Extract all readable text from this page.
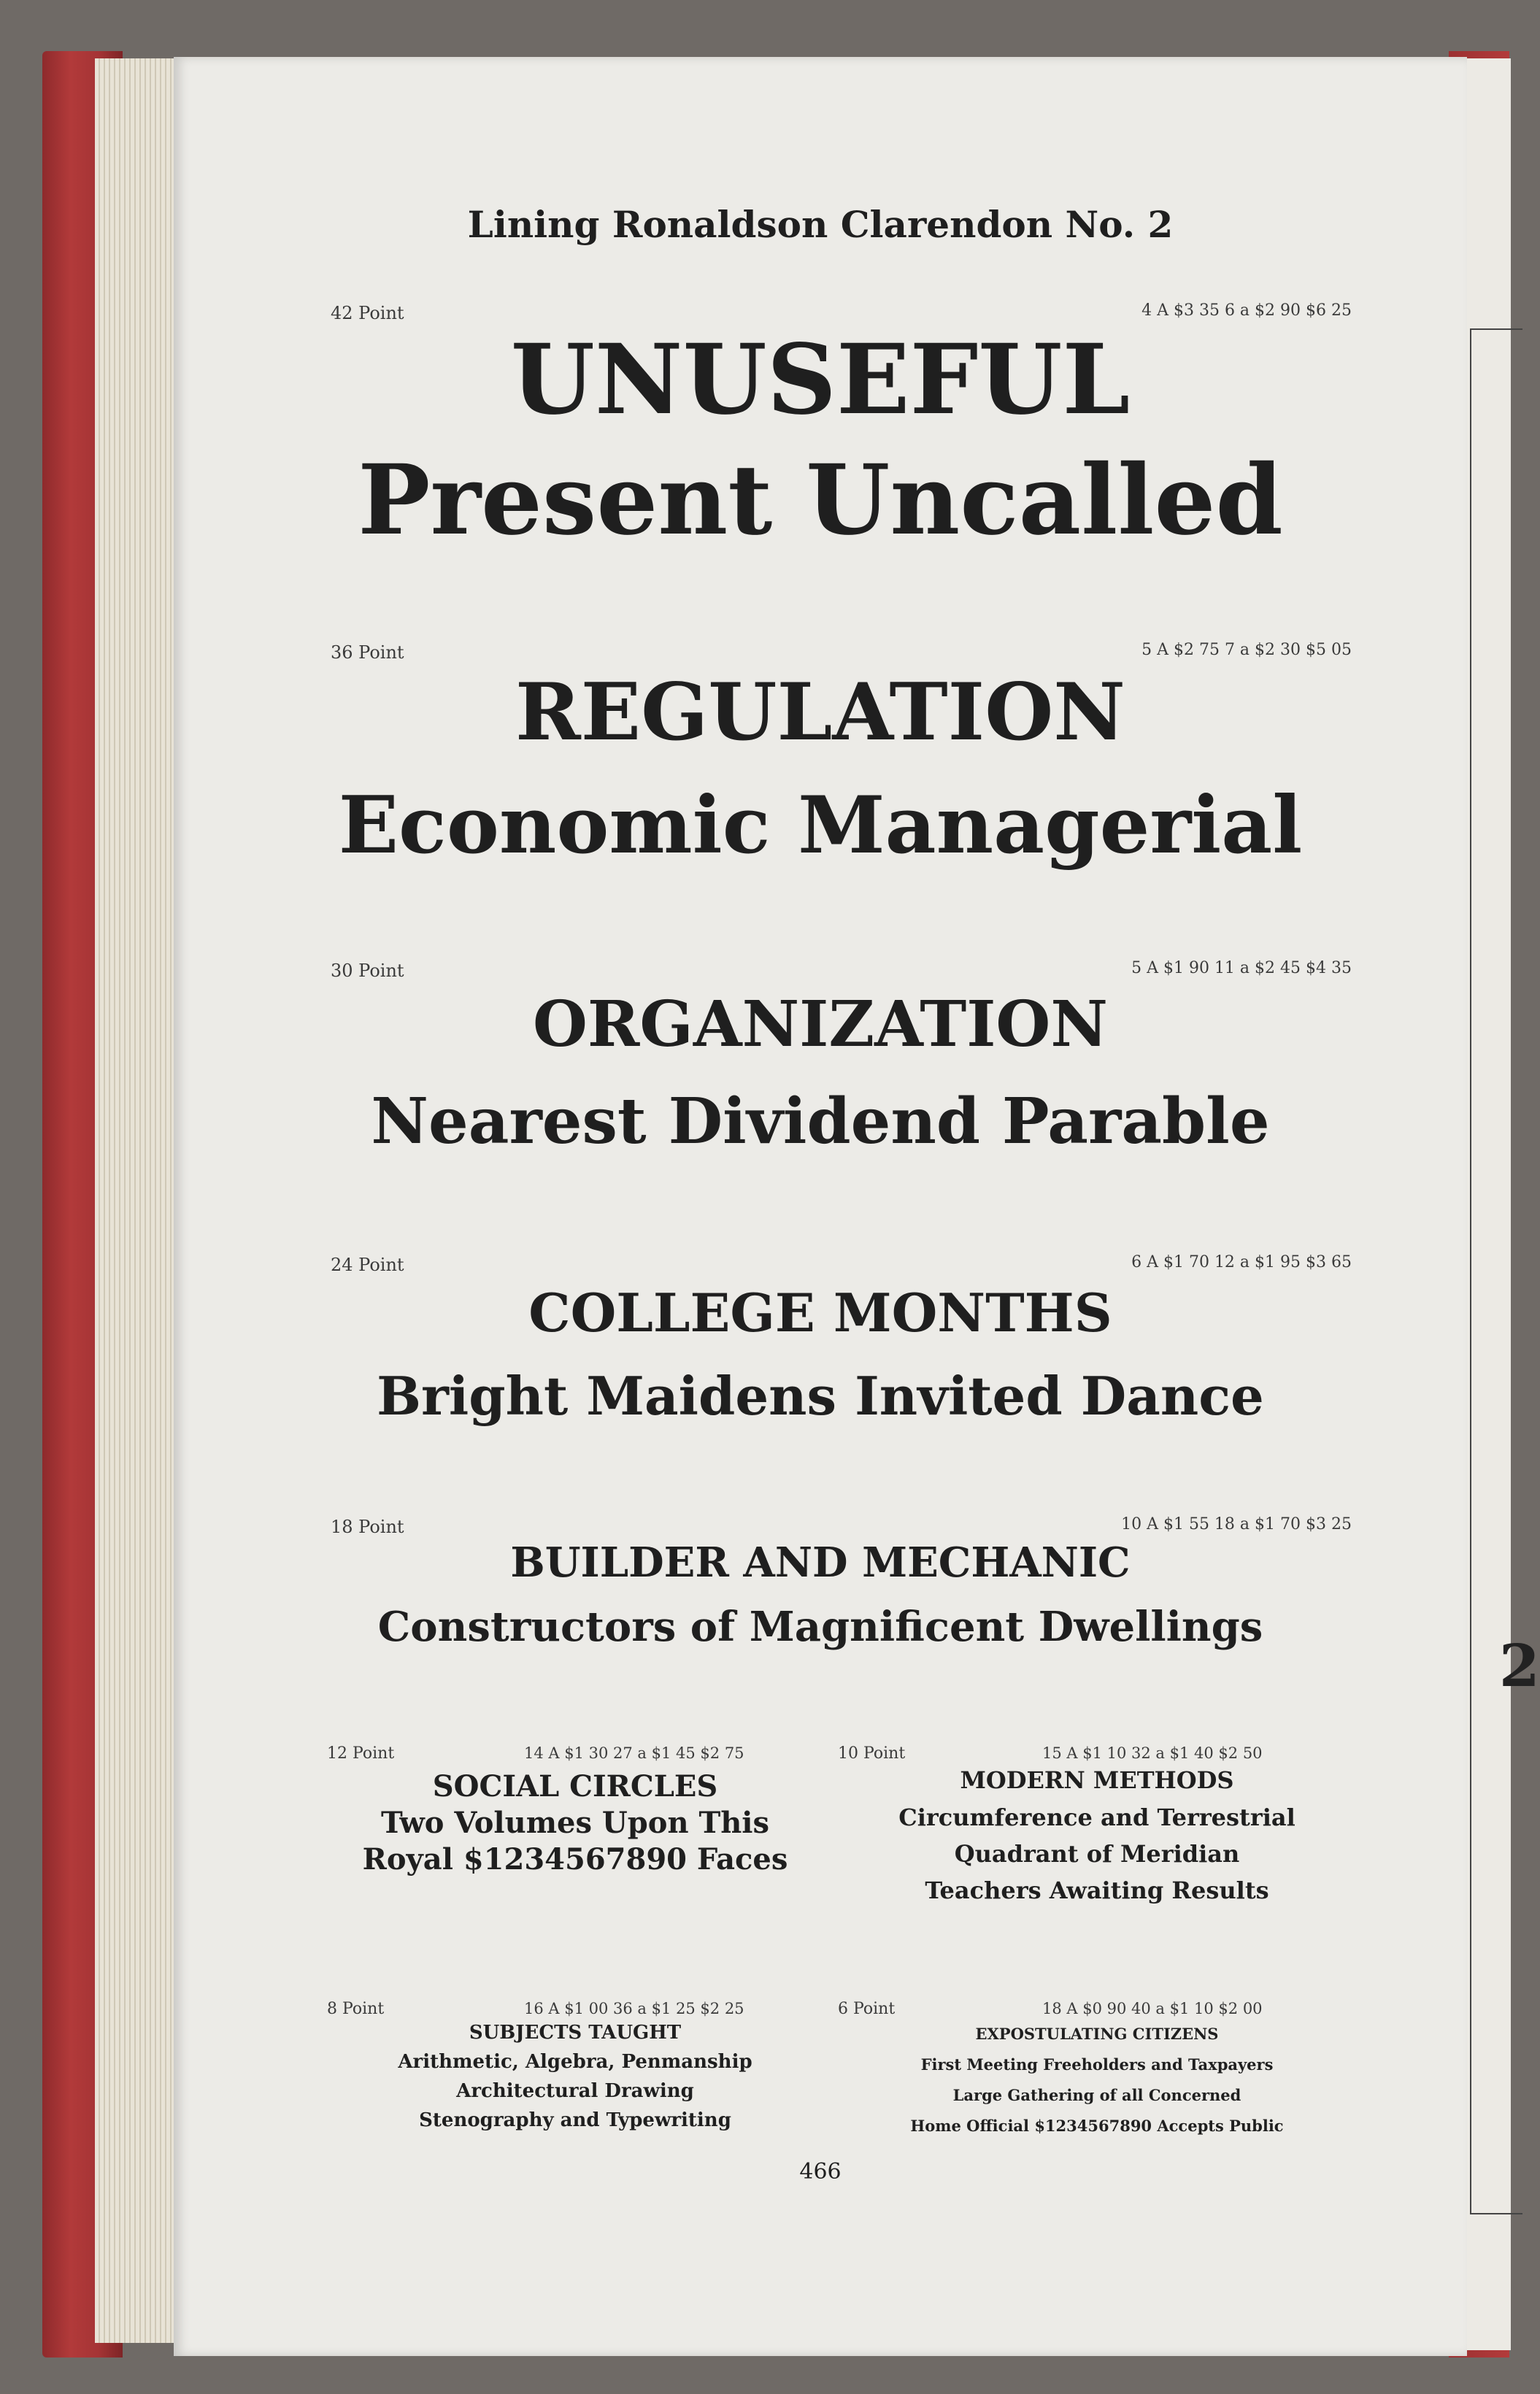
2
Lining Ronaldson Clarendon No. 2
42 Point	4 A $3 35 6 a $2 90 $6 25
UNUSEFUL
Present Uncalled
36 Point	5 A $2 75 7 a $2 30 $5 05
REGULATION
Economic Managerial
30 Point	5 A $1 90 11 a $2 45 $4 35
ORGANIZATION
Nearest Dividend Parable
24 Point	6 A $1 70 12 a $1 95 $3 65
COLLEGE MONTHS
Bright Maidens Invited Dance
18 Point	10 A $1 55 18 a $1 70 $3 25
BUILDER AND MECHANIC
Constructors of Magnificent Dwellings
12 Point	14 A $1 30 27 a $1 45 $2 75
SOCIAL CIRCLES
Two Volumes Upon This
Royal $1234567890 Faces
10 Point	15 A $1 10 32 a $1 40 $2 50
MODERN METHODS
Circumference and Terrestrial
Quadrant of Meridian
Teachers Awaiting Results
8 Point	16 A $1 00 36 a $1 25 $2 25
SUBJECTS TAUGHT
Arithmetic, Algebra, Penmanship
Architectural Drawing
Stenography and Typewriting
6 Point	18 A $0 90 40 a $1 10 $2 00
EXPOSTULATING CITIZENS
First Meeting Freeholders and Taxpayers
Large Gathering of all Concerned
Home Official $1234567890 Accepts Public
466
